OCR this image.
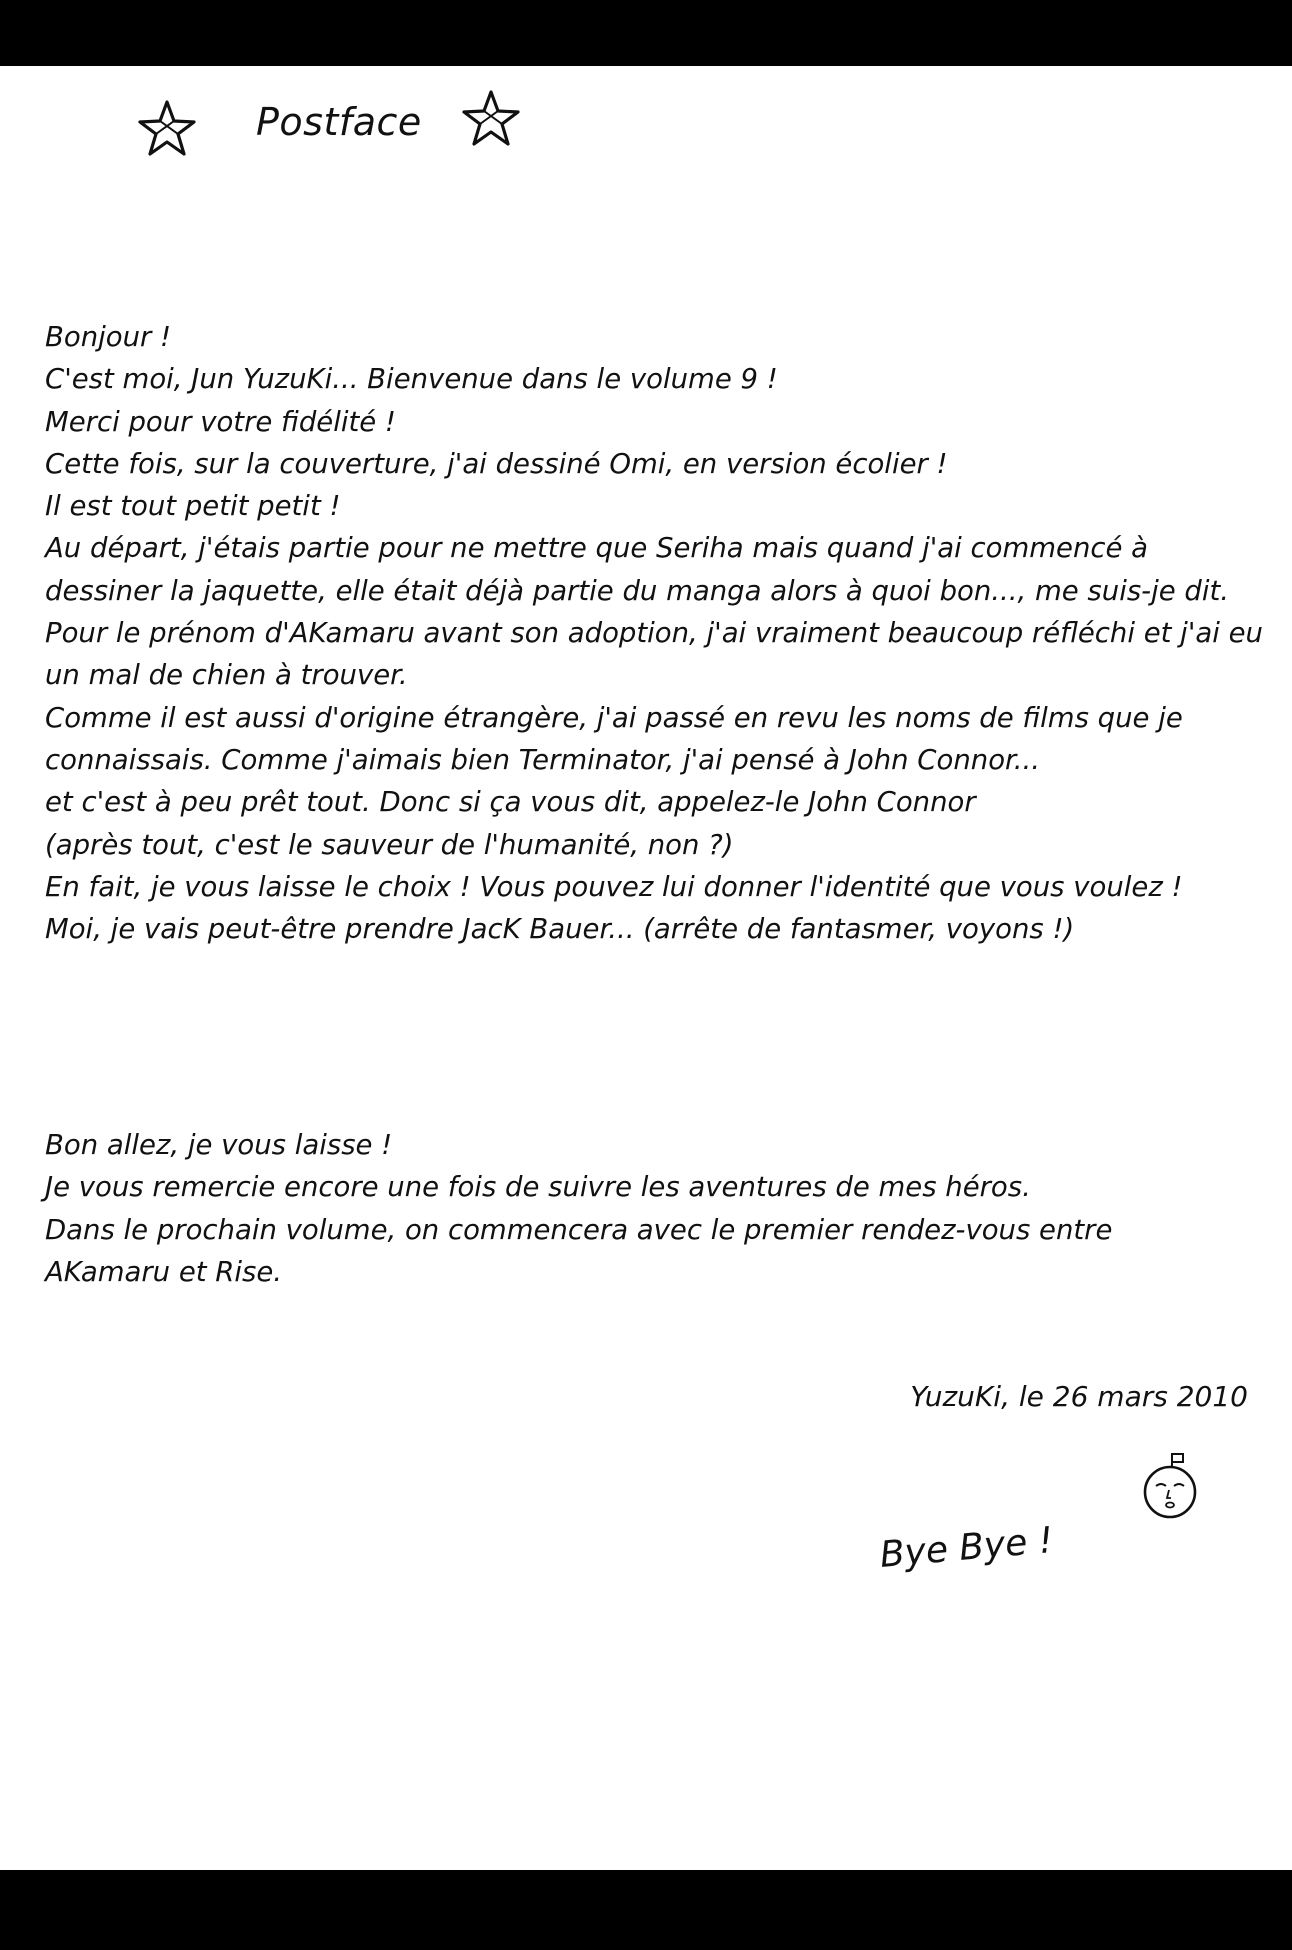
Postface
Bonjour !
C'est moi, Jun YuzuKi... Bienvenue dans le volume 9 !
Merci pour votre fidélité !
Cette fois, sur la couverture, j'ai dessiné Omi, en version écolier !
Il est tout petit petit !
Au départ, j'étais partie pour ne mettre que Seriha mais quand j'ai commencé à
dessiner la jaquette, elle était déjà partie du manga alors à quoi bon..., me suis-je dit.
Pour le prénom d'AKamaru avant son adoption, j'ai vraiment beaucoup réfléchi et j'ai eu
un mal de chien à trouver.
Comme il est aussi d'origine étrangère, j'ai passé en revu les noms de films que je
connaissais. Comme j'aimais bien Terminator, j'ai pensé à John Connor...
et c'est à peu prêt tout. Donc si ça vous dit, appelez-le John Connor
(après tout, c'est le sauveur de l'humanité, non ?)
En fait, je vous laisse le choix ! Vous pouvez lui donner l'identité que vous voulez !
Moi, je vais peut-être prendre JacK Bauer... (arrête de fantasmer, voyons !)
Bon allez, je vous laisse !
Je vous remercie encore une fois de suivre les aventures de mes héros.
Dans le prochain volume, on commencera avec le premier rendez-vous entre
AKamaru et Rise.
YuzuKi, le 26 mars 2010
Bye Bye !
